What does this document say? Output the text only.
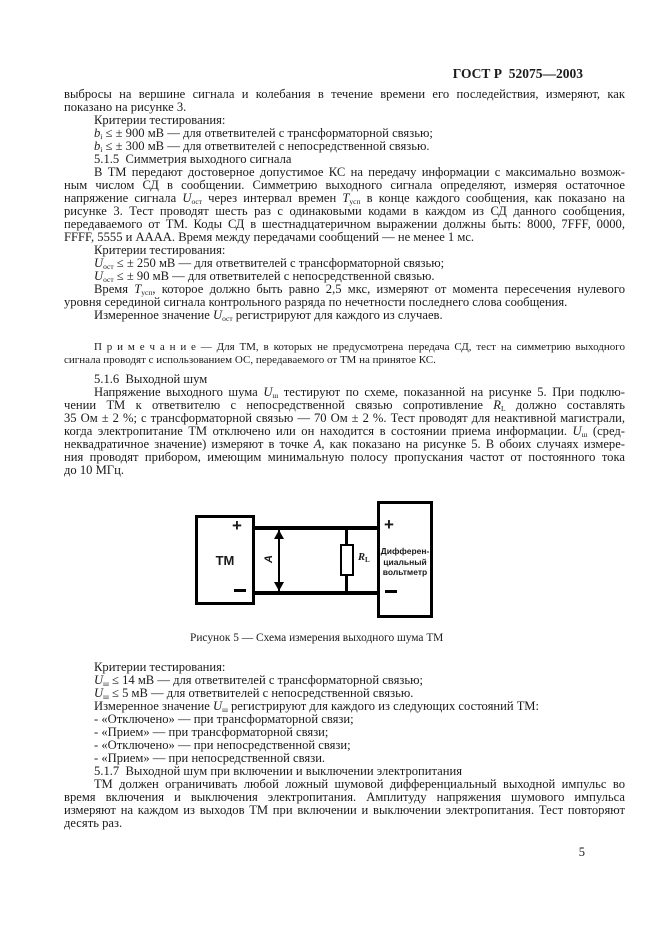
ГОСТ Р  52075—2003
выбросы на вершине сигнала и колебания в течение времени его последействия, измеряют, как
показано на рисунке 3.
Критерии тестирования:
bi ≤ ± 900 мВ — для ответвителей с трансформаторной связью;
bi ≤ ± 300 мВ — для ответвителей с непосредственной связью.
5.1.5  Симметрия выходного сигнала
В ТМ передают достоверное допустимое КС на передачу информации с максимально возмож-
ным числом СД в сообщении. Симметрию выходного сигнала определяют, измеряя остаточное
напряжение сигнала Uост через интервал времен Tусп в конце каждого сообщения, как показано на
рисунке 3. Тест проводят шесть раз с одинаковыми кодами в каждом из СД данного сообщения,
передаваемого от ТМ. Коды СД в шестнадцатеричном выражении должны быть: 8000, 7FFF, 0000,
FFFF, 5555 и AAAA. Время между передачами сообщений — не менее 1 мс.
Критерии тестирования:
Uост ≤ ± 250 мВ — для ответвителей с трансформаторной связью;
Uост ≤ ± 90 мВ — для ответвителей с непосредственной связью.
Время Tусп, которое должно быть равно 2,5 мкс, измеряют от момента пересечения нулевого
уровня серединой сигнала контрольного разряда по нечетности последнего слова сообщения.
Измеренное значение Uост регистрируют для каждого из случаев.
П р и м е ч а н и е — Для ТМ, в которых не предусмотрена передача СД, тест на симметрию выходного
сигнала проводят с использованием ОС, передаваемого от ТМ на принятое КС.
5.1.6  Выходной шум
Напряжение выходного шума Uш тестируют по схеме, показанной на рисунке 5. При подклю-
чении ТМ к ответвителю с непосредственной связью сопротивление RL должно составлять
35 Ом ± 2 %; с трансформаторной связью — 70 Ом ± 2 %. Тест проводят для неактивной магистрали,
когда электропитание ТМ отключено или он находится в состоянии приема информации. Uш (сред-
неквадратичное значение) измеряют в точке A, как показано на рисунке 5. В обоих случаях измере-
ния проводят прибором, имеющим минимальную полосу пропускания частот от постоянного тока
до 10 МГц.
ТМ
+
A	RL
+
Дифферен-
циальный
вольтметр
Рисунок 5 — Схема измерения выходного шума ТМ
Критерии тестирования:
Uш ≤ 14 мВ — для ответвителей с трансформаторной связью;
Uш ≤ 5 мВ — для ответвителей с непосредственной связью.
Измеренное значение Uш регистрируют для каждого из следующих состояний ТМ:
- «Отключено» — при трансформаторной связи;
- «Прием» — при трансформаторной связи;
- «Отключено» — при непосредственной связи;
- «Прием» — при непосредственной связи.
5.1.7  Выходной шум при включении и выключении электропитания
ТМ должен ограничивать любой ложный шумовой дифференциальный выходной импульс во
время включения и выключения электропитания. Амплитуду напряжения шумового импульса
измеряют на каждом из выходов ТМ при включении и выключении электропитания. Тест повторяют
десять раз.
5
